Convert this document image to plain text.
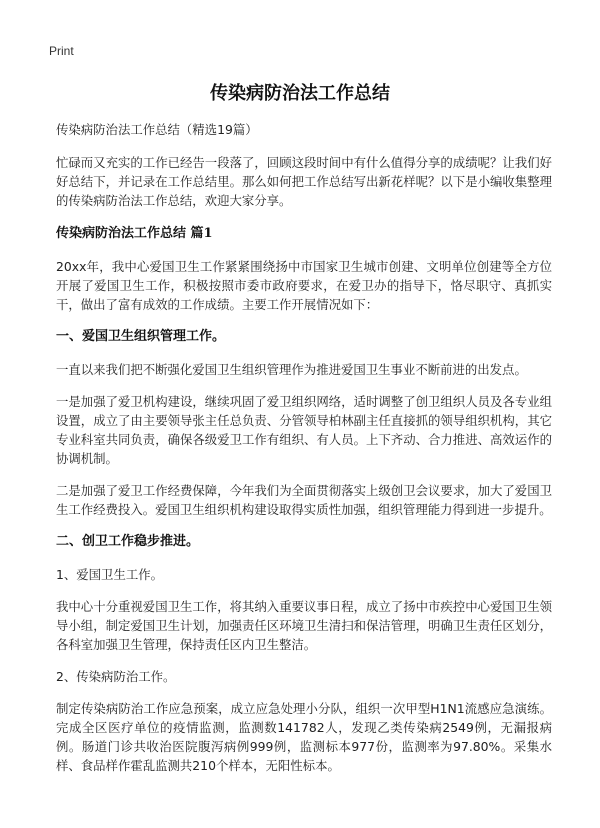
Print
传染病防治法工作总结

传染病防治法工作总结（精选19篇）

忙碌而又充实的工作已经告一段落了，回顾这段时间中有什么值得分享的成绩呢？让我们好好总结下，并记录在工作总结里。那么如何把工作总结写出新花样呢？以下是小编收集整理的传染病防治法工作总结，欢迎大家分享。

传染病防治法工作总结 篇1

20xx年，我中心爱国卫生工作紧紧围绕扬中市国家卫生城市创建、文明单位创建等全方位开展了爱国卫生工作，积极按照市委市政府要求，在爱卫办的指导下，恪尽职守、真抓实干，做出了富有成效的工作成绩。主要工作开展情况如下：

一、爱国卫生组织管理工作。

一直以来我们把不断强化爱国卫生组织管理作为推进爱国卫生事业不断前进的出发点。

一是加强了爱卫机构建设，继续巩固了爱卫组织网络，适时调整了创卫组织人员及各专业组设置，成立了由主要领导张主任总负责、分管领导柏林副主任直接抓的领导组织机构，其它专业科室共同负责，确保各级爱卫工作有组织、有人员。上下齐动、合力推进、高效运作的协调机制。

二是加强了爱卫工作经费保障，今年我们为全面贯彻落实上级创卫会议要求，加大了爱国卫生工作经费投入。爱国卫生组织机构建设取得实质性加强，组织管理能力得到进一步提升。

二、创卫工作稳步推进。

1、爱国卫生工作。

我中心十分重视爱国卫生工作，将其纳入重要议事日程，成立了扬中市疾控中心爱国卫生领导小组，制定爱国卫生计划，加强责任区环境卫生清扫和保洁管理，明确卫生责任区划分，各科室加强卫生管理，保持责任区内卫生整洁。

2、传染病防治工作。

制定传染病防治工作应急预案，成立应急处理小分队，组织一次甲型H1N1流感应急演练。完成全区医疗单位的疫情监测，监测数141782人，发现乙类传染病2549例，无漏报病例。肠道门诊共收治医院腹泻病例999例，监测标本977份，监测率为97.80%。采集水样、食品样作霍乱监测共210个样本，无阳性标本。
